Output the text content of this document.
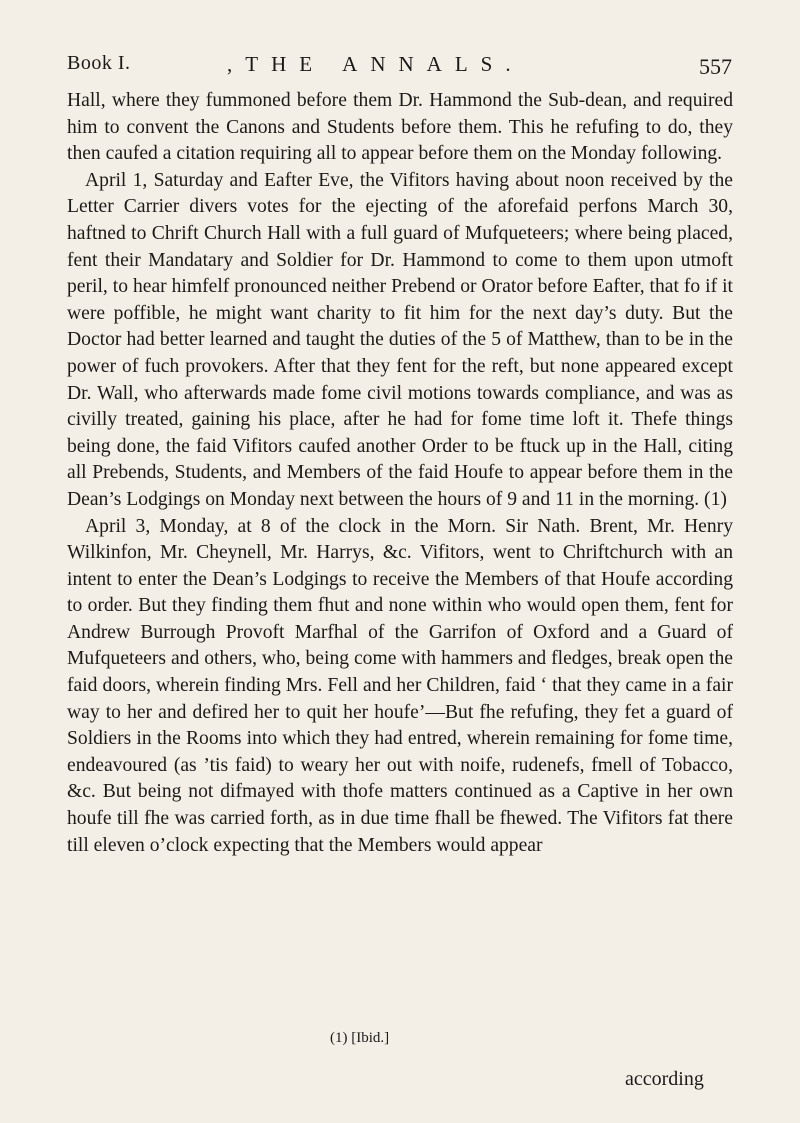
Book I.	,THE ANNALS.	557

Hall, where they fummoned before them Dr. Hammond the Sub-dean, and required him to convent the Canons and Students before them. This he refufing to do, they then caufed a citation requiring all to appear before them on the Monday following.

April 1, Saturday and Eafter Eve, the Vifitors having about noon received by the Letter Carrier divers votes for the ejecting of the aforefaid perfons March 30, haftned to Chrift Church Hall with a full guard of Mufqueteers; where being placed, fent their Mandatary and Soldier for Dr. Hammond to come to them upon utmoft peril, to hear himfelf pronounced neither Prebend or Orator before Eafter, that fo if it were poffible, he might want charity to fit him for the next day’s duty. But the Doctor had better learned and taught the duties of the 5 of Matthew, than to be in the power of fuch provokers. After that they fent for the reft, but none appeared except Dr. Wall, who afterwards made fome civil motions towards compliance, and was as civilly treated, gaining his place, after he had for fome time loft it. Thefe things being done, the faid Vifitors caufed another Order to be ftuck up in the Hall, citing all Prebends, Students, and Members of the faid Houfe to appear before them in the Dean’s Lodgings on Monday next between the hours of 9 and 11 in the morning. (1)

April 3, Monday, at 8 of the clock in the Morn. Sir Nath. Brent, Mr. Henry Wilkinfon, Mr. Cheynell, Mr. Harrys, &c. Vifitors, went to Chriftchurch with an intent to enter the Dean’s Lodgings to receive the Members of that Houfe according to order. But they finding them fhut and none within who would open them, fent for Andrew Burrough Provoft Marfhal of the Garrifon of Oxford and a Guard of Mufqueteers and others, who, being come with hammers and fledges, break open the faid doors, wherein finding Mrs. Fell and her Children, faid ‘ that they came in a fair way to her and defired her to quit her houfe’—But fhe refufing, they fet a guard of Soldiers in the Rooms into which they had entred, wherein remaining for fome time, endeavoured (as ’tis faid) to weary her out with noife, rudenefs, fmell of Tobacco, &c. But being not difmayed with thofe matters continued as a Captive in her own houfe till fhe was carried forth, as in due time fhall be fhewed. The Vifitors fat there till eleven o’clock expecting that the Members would appear

(1) [Ibid.]
according
